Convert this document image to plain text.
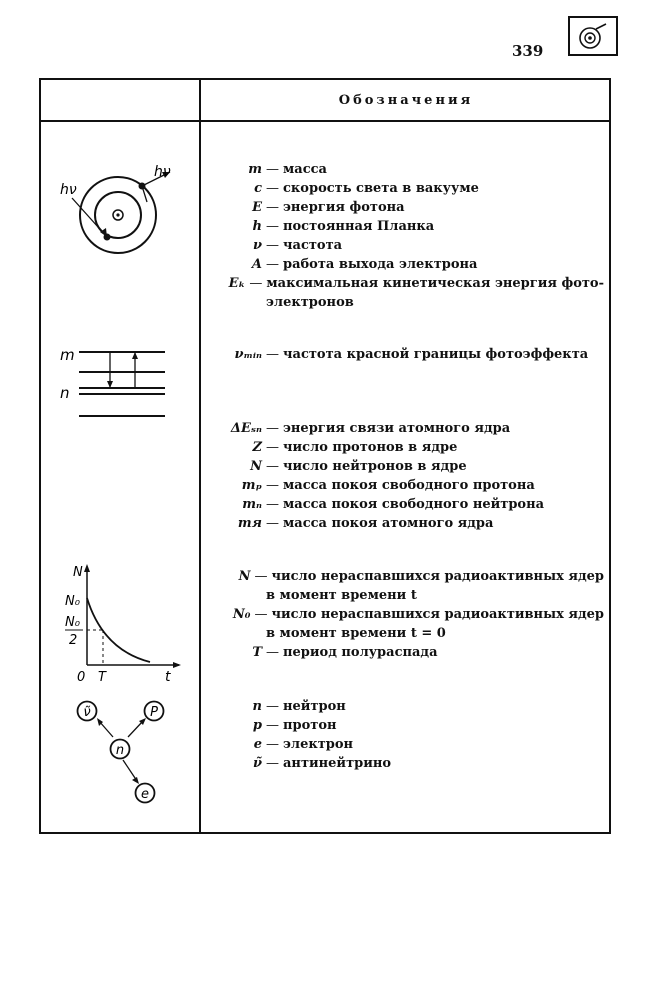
339
Обозначения
hν
hν
m
n
N
N₀
N₀
2
0 T	t
ν̃	P
n
e
m — масса
c — скорость света в вакууме
E — энергия фотона
h — постоянная Планка
ν — частота
A — работа выхода электрона
Eₖ — максимальная кинетическая энергия фото-
электронов
νₘᵢₙ — частота красной границы фотоэффекта
ΔEₛₙ — энергия связи атомного ядра
Z — число протонов в ядре
N — число нейтронов в ядре
mₚ — масса покоя свободного протона
mₙ — масса покоя свободного нейтрона
mя — масса покоя атомного ядра
N — число нераспавшихся радиоактивных ядер
в момент времени t
N₀ — число нераспавшихся радиоактивных ядер
в момент времени t = 0
T — период полураспада
n — нейтрон
p — протон
e — электрон
ν̃ — антинейтрино
